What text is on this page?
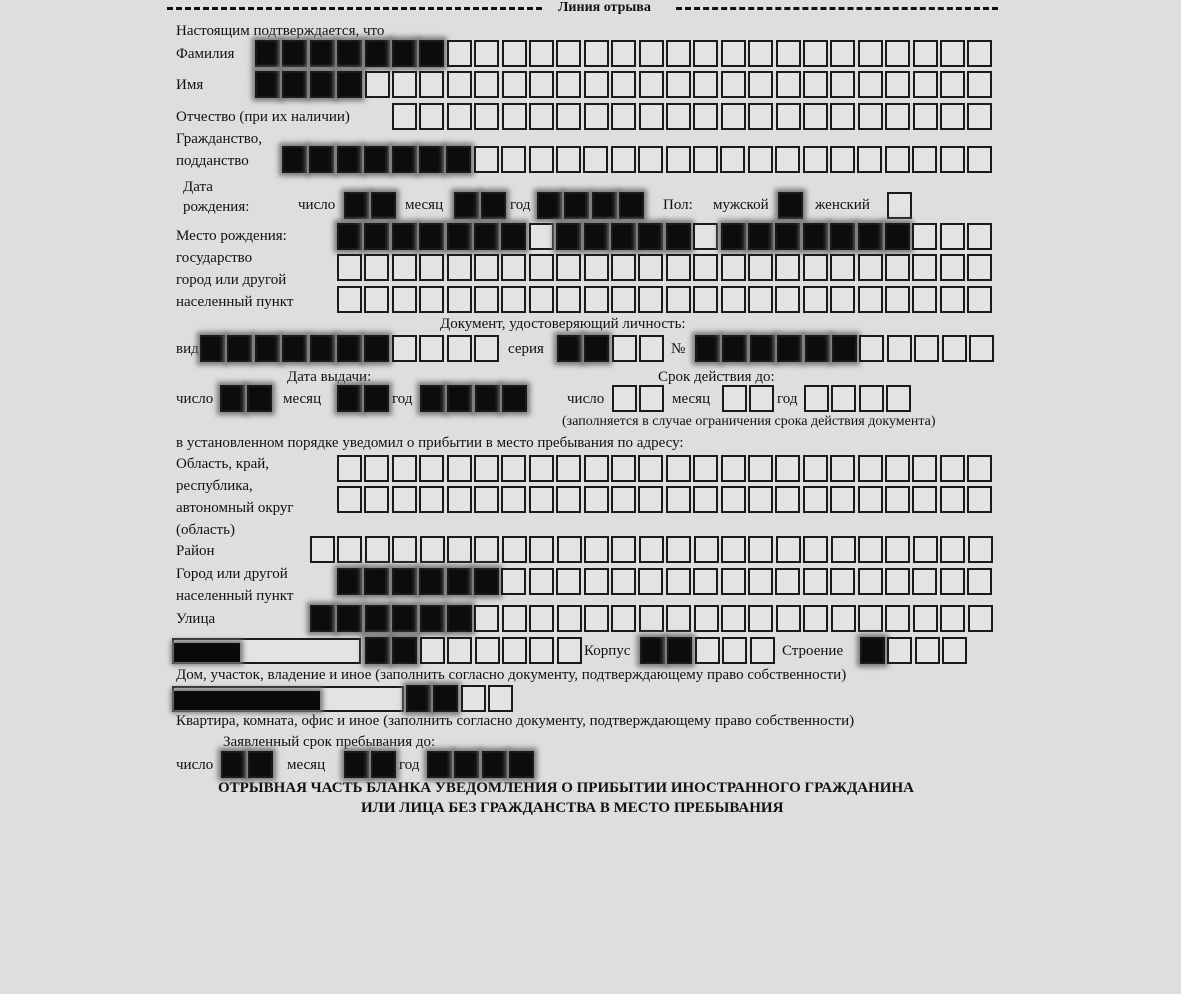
Линия отрыва
Настоящим подтверждается, что
Фамилия
Имя
Отчество (при их наличии)
Гражданство,
подданство
Дата
рождения:	число	месяц	год	Пол: мужской	женский
Место рождения:
государство
город или другой
населенный пункт
Документ, удостоверяющий личность:
вид	серия	№
Дата выдачи:	Срок действия до:
число	месяц	год	число	месяц	год
(заполняется в случае ограничения срока действия документа)
в установленном порядке уведомил о прибытии в место пребывания по адресу:
Область, край,
республика,
автономный округ
(область)
Район
Город или другой
населенный пункт
Улица
Корпус	Строение
Дом, участок, владение и иное (заполнить согласно документу, подтверждающему право собственности)
Квартира, комната, офис и иное (заполнить согласно документу, подтверждающему право собственности)
Заявленный срок пребывания до:
число	месяц	год
ОТРЫВНАЯ ЧАСТЬ БЛАНКА УВЕДОМЛЕНИЯ О ПРИБЫТИИ ИНОСТРАННОГО ГРАЖДАНИНА
ИЛИ ЛИЦА БЕЗ ГРАЖДАНСТВА В МЕСТО ПРЕБЫВАНИЯ
